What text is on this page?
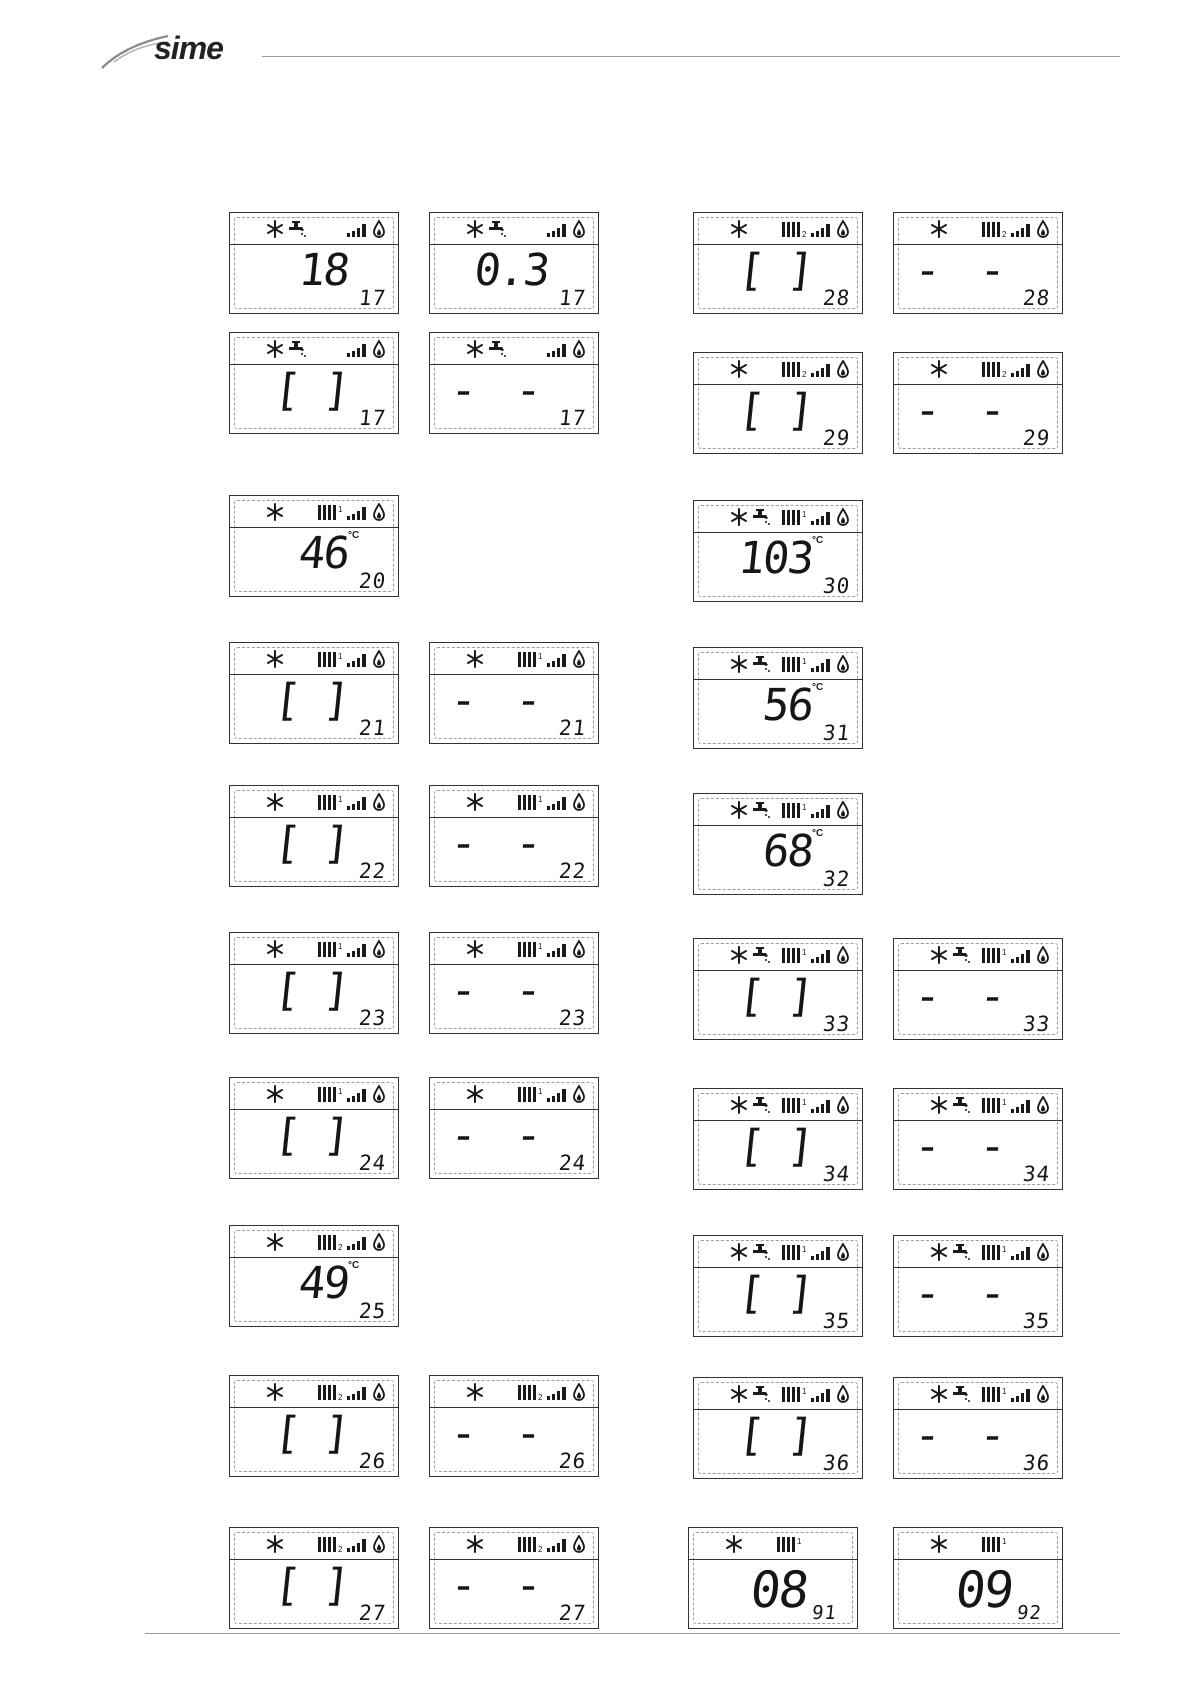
sime
18
17
0.3
17
[ ]
17
- -
17
1
46
°C
20
1
[ ]
21
1
- -
21
1
[ ]
22
1
- -
22
1
[ ]
23
1
- -
23
1
[ ]
24
1
- -
24
2
49
°C
25
2
[ ]
26
2
- -
26
2
[ ]
27
2
- -
27
2
[ ]
28
2
- -
28
2
[ ]
29
2
- -
29
1
103
°C
30
1
56
°C
31
1
68
°C
32
1
[ ]
33
1
- -
33
1
[ ]
34
1
- -
34
1
[ ]
35
1
- -
35
1
[ ]
36
1
- -
36
1
08 91
1
09 92
